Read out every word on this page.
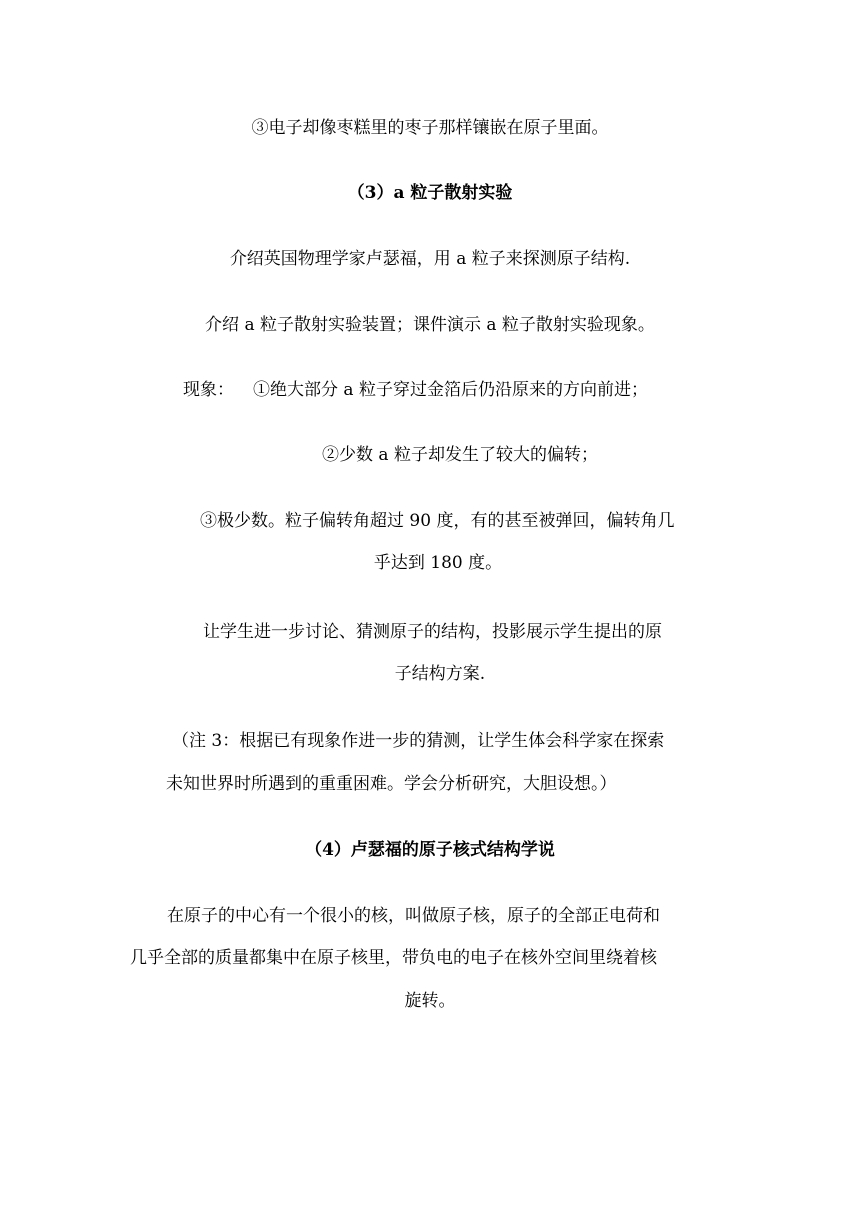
③电子却像枣糕里的枣子那样镶嵌在原子里面。
（3）a 粒子散射实验
介绍英国物理学家卢瑟福，用 a 粒子来探测原子结构.
介绍 a 粒子散射实验装置；课件演示 a 粒子散射实验现象。
现象：	①绝大部分 a 粒子穿过金箔后仍沿原来的方向前进；
②少数 a 粒子却发生了较大的偏转；
③极少数。粒子偏转角超过 90 度，有的甚至被弹回，偏转角几
乎达到 180 度。
让学生进一步讨论、猜测原子的结构，投影展示学生提出的原
子结构方案.
（注 3：根据已有现象作进一步的猜测，让学生体会科学家在探索
未知世界时所遇到的重重困难。学会分析研究，大胆设想。）
（4）卢瑟福的原子核式结构学说
在原子的中心有一个很小的核，叫做原子核，原子的全部正电荷和
几乎全部的质量都集中在原子核里，带负电的电子在核外空间里绕着核
旋转。
